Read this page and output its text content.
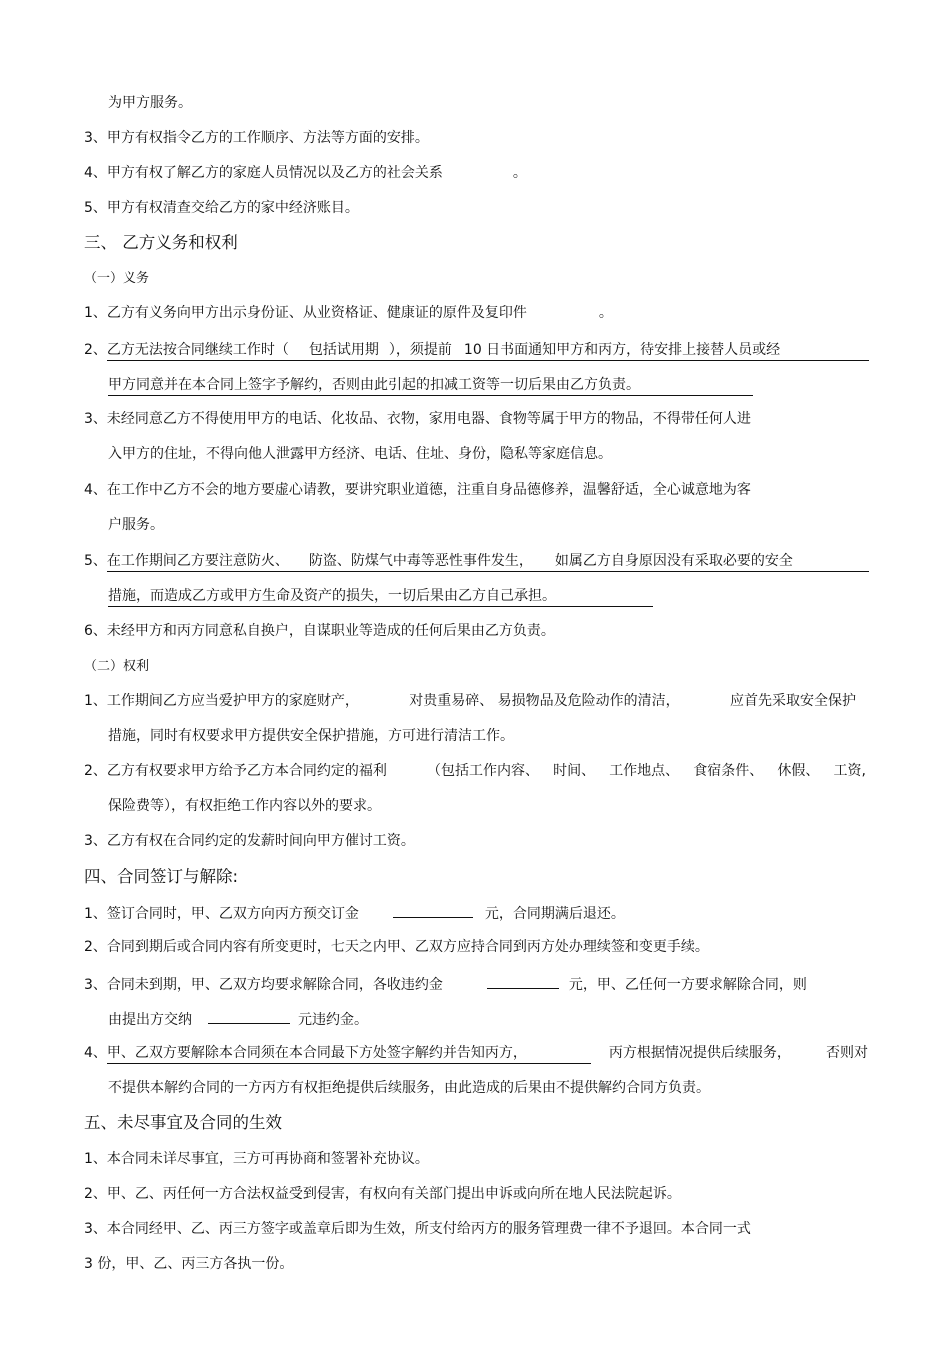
为甲方服务。
3、甲方有权指令乙方的工作顺序、方法等方面的安排。
4、甲方有权了解乙方的家庭人员情况以及乙方的社会关系	。
5、甲方有权清查交给乙方的家中经济账目。
三、 乙方义务和权利
（一）义务
1、乙方有义务向甲方出示身份证、从业资格证、健康证的原件及复印件	。
2、乙方无法按合同继续工作时（ 包括试用期 ），须提前 10 日书面通知甲方和丙方，待安排上接替人员或经
甲方同意并在本合同上签字予解约，否则由此引起的扣减工资等一切后果由乙方负责。
3、未经同意乙方不得使用甲方的电话、化妆品、衣物，家用电器、食物等属于甲方的物品，不得带任何人进
入甲方的住址，不得向他人泄露甲方经济、电话、住址、身份，隐私等家庭信息。
4、在工作中乙方不会的地方要虚心请教，要讲究职业道德，注重自身品德修养，温馨舒适，全心诚意地为客
户服务。
5、在工作期间乙方要注意防火、 防盗、防煤气中毒等恶性事件发生， 如属乙方自身原因没有采取必要的安全
措施，而造成乙方或甲方生命及资产的损失，一切后果由乙方自己承担。
6、未经甲方和丙方同意私自换户，自谋职业等造成的任何后果由乙方负责。
（二）权利
1、工作期间乙方应当爱护甲方的家庭财产，	对贵重易碎、 易损物品及危险动作的清洁，	应首先采取安全保护
措施，同时有权要求甲方提供安全保护措施，方可进行清洁工作。
2、乙方有权要求甲方给予乙方本合同约定的福利	（包括工作内容、 时间、 工作地点、 食宿条件、 休假、 工资,
保险费等），有权拒绝工作内容以外的要求。
3、乙方有权在合同约定的发薪时间向甲方催讨工资。
四、合同签订与解除:
1、签订合同时，甲、乙双方向丙方预交订金	元，合同期满后退还。
2、合同到期后或合同内容有所变更时，七天之内甲、乙双方应持合同到丙方处办理续签和变更手续。
3、合同未到期，甲、乙双方均要求解除合同，各收违约金	元，甲、乙任何一方要求解除合同，则
由提出方交纳	元违约金。
4、甲、乙双方要解除本合同须在本合同最下方处签字解约并告知丙方，	丙方根据情况提供后续服务，	否则对
不提供本解约合同的一方丙方有权拒绝提供后续服务，由此造成的后果由不提供解约合同方负责。
五、未尽事宜及合同的生效
1、本合同未详尽事宜，三方可再协商和签署补充协议。
2、甲、乙、丙任何一方合法权益受到侵害，有权向有关部门提出申诉或向所在地人民法院起诉。
3、本合同经甲、乙、丙三方签字或盖章后即为生效，所支付给丙方的服务管理费一律不予退回。本合同一式
3 份，甲、乙、丙三方各执一份。
